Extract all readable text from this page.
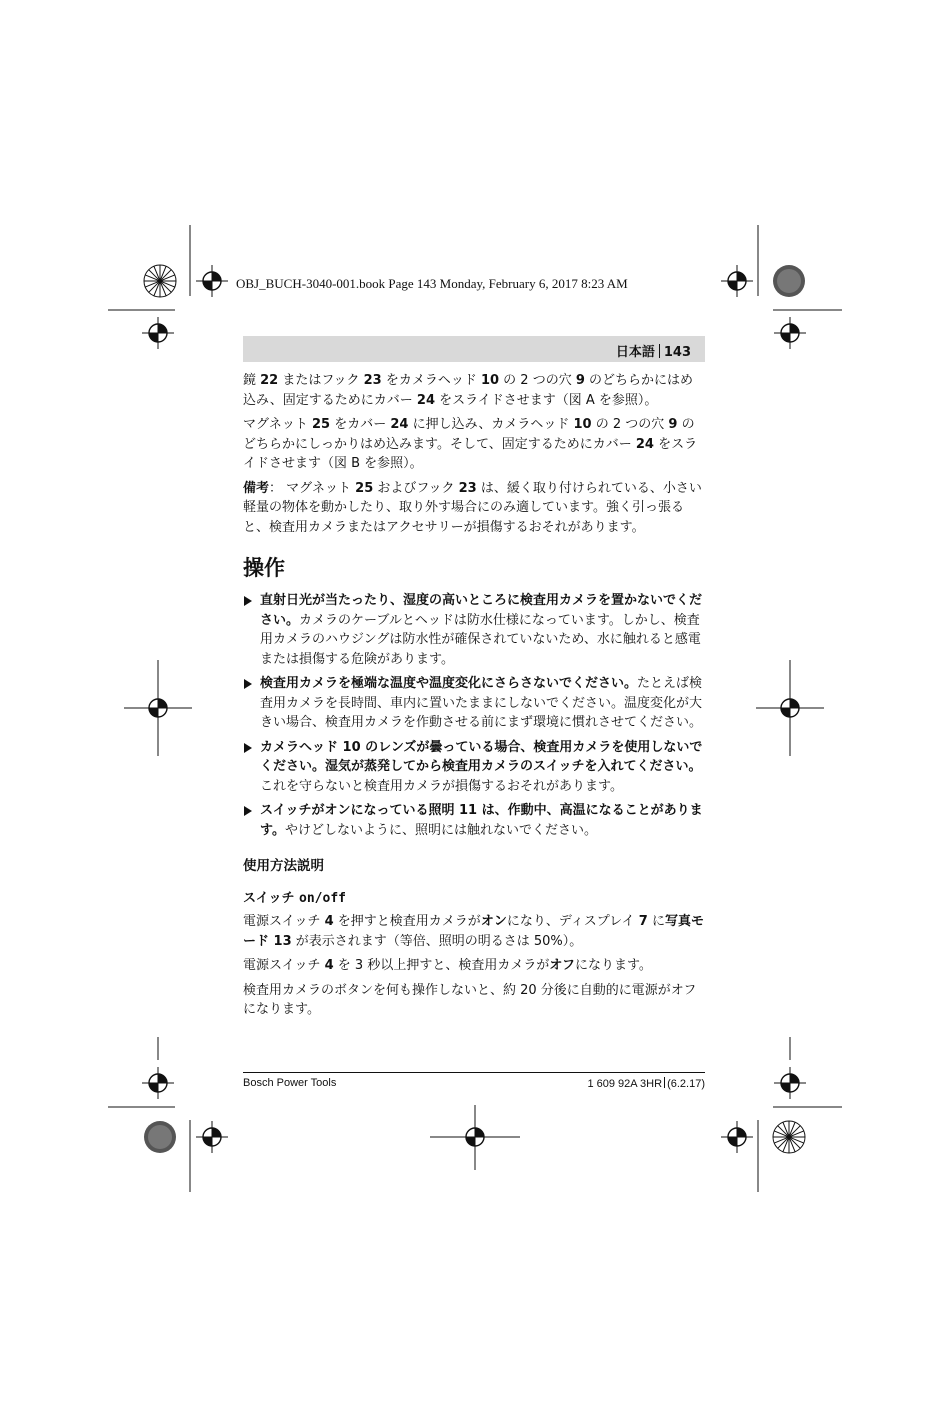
OBJ_BUCH-3040-001.book Page 143 Monday, February 6, 2017 8:23 AM
日本語 143

鏡 22 またはフック 23 をカメラヘッド 10 の 2 つの穴 9 のどちらかにはめ込み、固定するためにカバー 24 をスライドさせます（図 A を参照）。

マグネット 25 をカバー 24 に押し込み、カメラヘッド 10 の 2 つの穴 9 のどちらかにしっかりはめ込みます。そして、固定するためにカバー 24 をスライドさせます（図 B を参照）。

備考： マグネット 25 およびフック 23 は、緩く取り付けられている、小さい軽量の物体を動かしたり、取り外す場合にのみ適しています。強く引っ張ると、検査用カメラまたはアクセサリーが損傷するおそれがあります。

操作
直射日光が当たったり、湿度の高いところに検査用カメラを置かないでください。カメラのケーブルとヘッドは防水仕様になっています。しかし、検査用カメラのハウジングは防水性が確保されていないため、水に触れると感電または損傷する危険があります。
検査用カメラを極端な温度や温度変化にさらさないでください。たとえば検査用カメラを長時間、車内に置いたままにしないでください。温度変化が大きい場合、検査用カメラを作動させる前にまず環境に慣れさせてください。
カメラヘッド 10 のレンズが曇っている場合、検査用カメラを使用しないでください。湿気が蒸発してから検査用カメラのスイッチを入れてください。これを守らないと検査用カメラが損傷するおそれがあります。
スイッチがオンになっている照明 11 は、作動中、高温になることがあります。やけどしないように、照明には触れないでください。
使用方法説明
スイッチ on/off

電源スイッチ 4 を押すと検査用カメラがオンになり、ディスプレイ 7 に写真モード 13 が表示されます（等倍、照明の明るさは 50%）。

電源スイッチ 4 を 3 秒以上押すと、検査用カメラがオフになります。

検査用カメラのボタンを何も操作しないと、約 20 分後に自動的に電源がオフになります。

Bosch Power Tools	1 609 92A 3HR (6.2.17)
